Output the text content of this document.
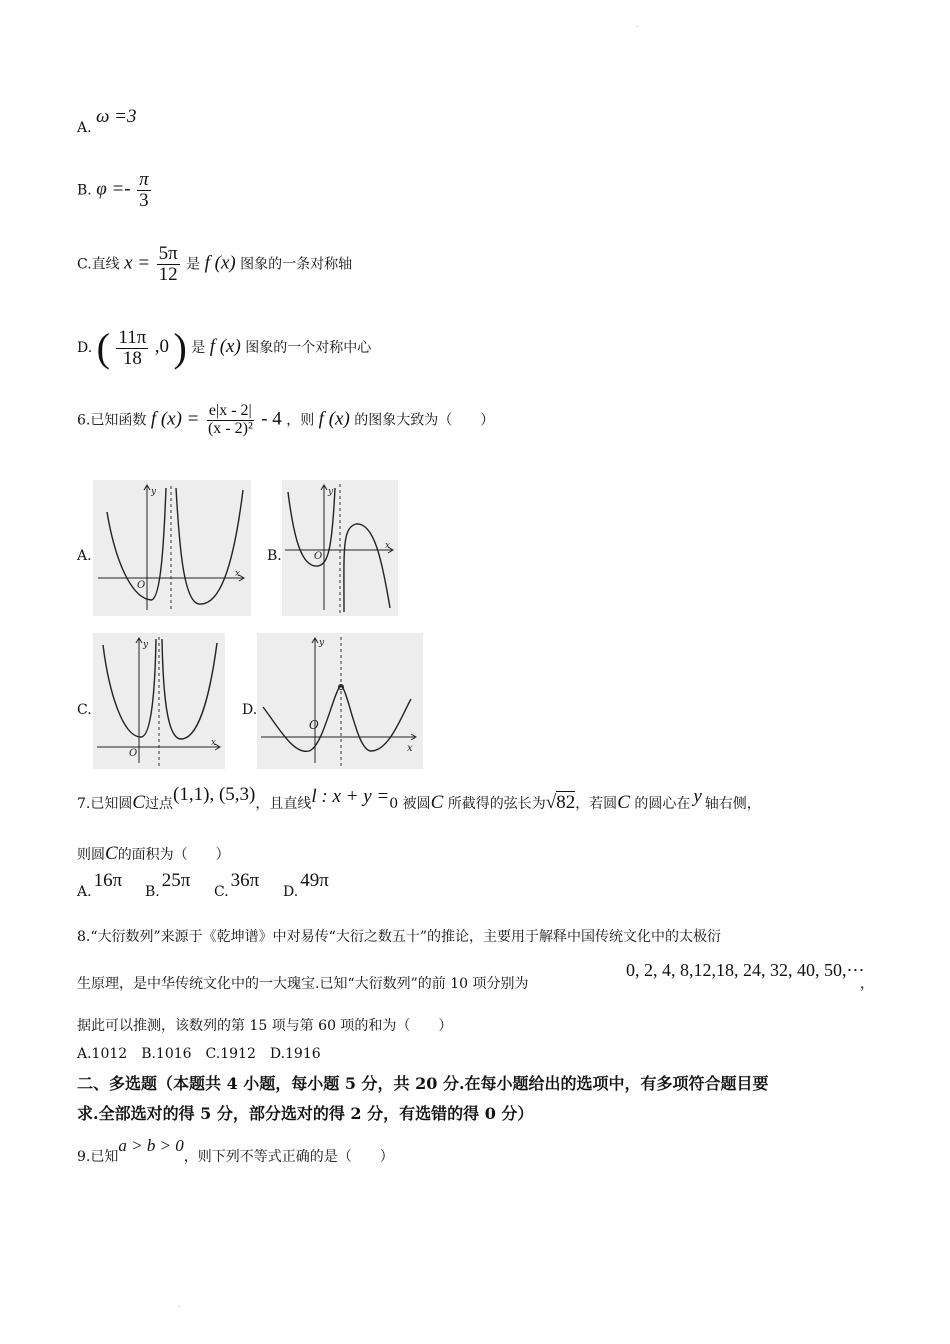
.
.
A. ω =3
B. $\varphi =- \frac{\pi}{3}$
C.直线 $x = \frac{5\pi}{12}$ 是 f (x) 图象的一条对称轴
D. ( $\frac{11\pi}{18} ,0$ ) 是 f (x) 图象的一个对称中心
6.已知函数 f $(x) = \frac{e|x - 2|}{\text{(x - 2)²}} - 4$ ，则 f (x) 的图象大致为（　　）
A.
O
x
y
B.	O
x
y
C.
O
x
y
D.
O
x
y
7.已知圆C过点(1,1), (5,3)，且直线l : x + y =0 被圆C 所截得的弦长为√82，若圆C 的圆心在 y 轴右侧，
则圆C的面积为（　　）
A.16π
B.25π
C.36π
D.49π
8.“大衍数列”来源于《乾坤谱》中对易传“大衍之数五十”的推论，主要用于解释中国传统文化中的太极衍
生原理，是中华传统文化中的一大瑰宝.已知“大衍数列”的前 10 项分别为
0, 2, 4, 8,12,18, 24, 32, 40, 50,⋯
，
据此可以推测，该数列的第 15 项与第 60 项的和为（　　）
A.1012　B.1016　C.1912　D.1916
二、多选题（本题共 4 小题，每小题 5 分，共 20 分.在每小题给出的选项中，有多项符合题目要
求.全部选对的得 5 分，部分选对的得 2 分，有选错的得 0 分）
9.已知a > b > 0，则下列不等式正确的是（　　）
